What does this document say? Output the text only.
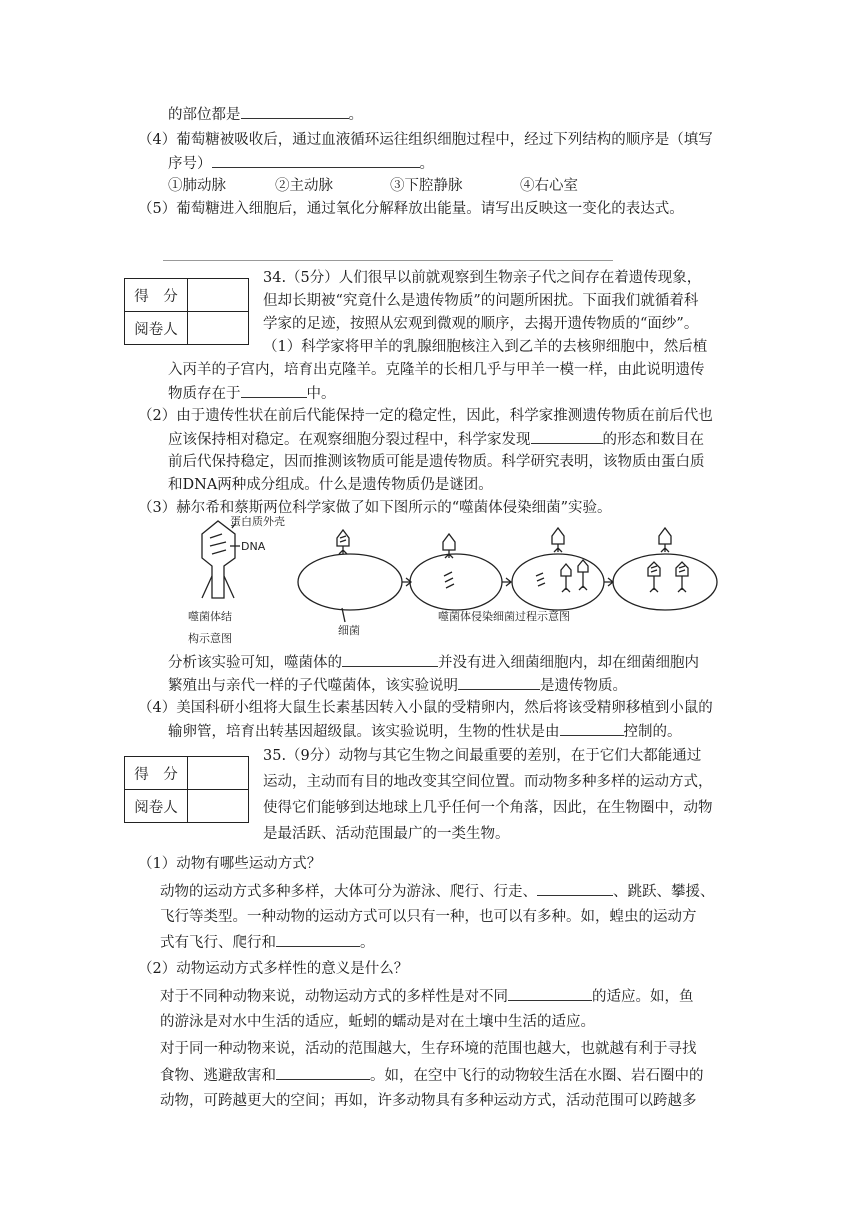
的部位都是	。
（4）葡萄糖被吸收后，通过血液循环运往组织细胞过程中，经过下列结构的顺序是（填写
序号）	。
①肺动脉	②主动脉	③下腔静脉	④右心室
（5）葡萄糖进入细胞后，通过氧化分解释放出能量。请写出反映这一变化的表达式。
得　分	
阅卷人	
34.（5分）人们很早以前就观察到生物亲子代之间存在着遗传现象，
但却长期被“究竟什么是遗传物质”的问题所困扰。下面我们就循着科
学家的足迹，按照从宏观到微观的顺序，去揭开遗传物质的“面纱”。
（1）科学家将甲羊的乳腺细胞核注入到乙羊的去核卵细胞中，然后植
入丙羊的子宫内，培育出克隆羊。克隆羊的长相几乎与甲羊一模一样，由此说明遗传
物质存在于	中。
（2）由于遗传性状在前后代能保持一定的稳定性，因此，科学家推测遗传物质在前后代也
应该保持相对稳定。在观察细胞分裂过程中，科学家发现	的形态和数目在
前后代保持稳定，因而推测该物质可能是遗传物质。科学研究表明，该物质由蛋白质
和DNA两种成分组成。什么是遗传物质仍是谜团。
（3）赫尔希和蔡斯两位科学家做了如下图所示的“噬菌体侵染细菌”实验。
蛋白质外壳
DNA
噬菌体结
构示意图
细菌
噬菌体侵染细菌过程示意图
分析该实验可知，噬菌体的	并没有进入细菌细胞内，却在细菌细胞内
繁殖出与亲代一样的子代噬菌体，该实验说明	是遗传物质。
（4）美国科研小组将大鼠生长素基因转入小鼠的受精卵内，然后将该受精卵移植到小鼠的
输卵管，培育出转基因超级鼠。该实验说明，生物的性状是由	控制的。
得　分	
阅卷人	
35.（9分）动物与其它生物之间最重要的差别，在于它们大都能通过
运动，主动而有目的地改变其空间位置。而动物多种多样的运动方式，
使得它们能够到达地球上几乎任何一个角落，因此，在生物圈中，动物
是最活跃、活动范围最广的一类生物。
（1）动物有哪些运动方式？
动物的运动方式多种多样，大体可分为游泳、爬行、行走、	、跳跃、攀援、
飞行等类型。一种动物的运动方式可以只有一种，也可以有多种。如，蝗虫的运动方
式有飞行、爬行和	。
（2）动物运动方式多样性的意义是什么？
对于不同种动物来说，动物运动方式的多样性是对不同	的适应。如，鱼
的游泳是对水中生活的适应，蚯蚓的蠕动是对在土壤中生活的适应。
对于同一种动物来说，活动的范围越大，生存环境的范围也越大，也就越有利于寻找
食物、逃避敌害和	。如，在空中飞行的动物较生活在水圈、岩石圈中的
动物，可跨越更大的空间；再如，许多动物具有多种运动方式，活动范围可以跨越多
